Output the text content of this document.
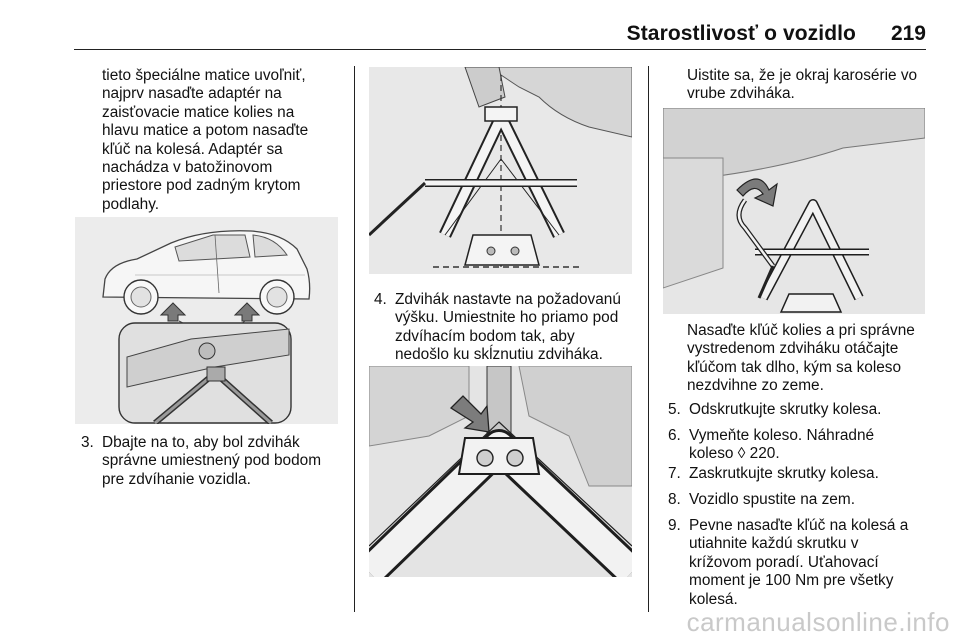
Starostlivosť o vozidlo 219

tieto špeciálne matice uvoľniť,

najprv nasaďte adaptér na

zaisťovacie matice kolies na

hlavu matice a potom nasaďte

kľúč na kolesá. Adaptér sa

nachádza v batožinovom

priestore pod zadným krytom

podlahy.

3. Dbajte na to, aby bol zdvihák
správne umiestnený pod bodom
pre zdvíhanie vozidla.
4. Zdvihák nastavte na požadovanú
výšku. Umiestnite ho priamo pod
zdvíhacím bodom tak, aby
nedošlo ku skĺznutiu zdviháka.

Uistite sa, že je okraj karosérie vo

vrube zdviháka.

Nasaďte kľúč kolies a pri správne

vystredenom zdviháku otáčajte

kľúčom tak dlho, kým sa koleso

nezdvihne zo zeme.

5. Odskrutkujte skrutky kolesa.
6. Vymeňte koleso. Náhradné
koleso ◊ 220.
7. Zaskrutkujte skrutky kolesa.
8. Vozidlo spustite na zem.
9. Pevne nasaďte kľúč na kolesá a
utiahnite každú skrutku v
krížovom poradí. Uťahovací
moment je 100 Nm pre všetky
kolesá.
carmanualsonline.info
